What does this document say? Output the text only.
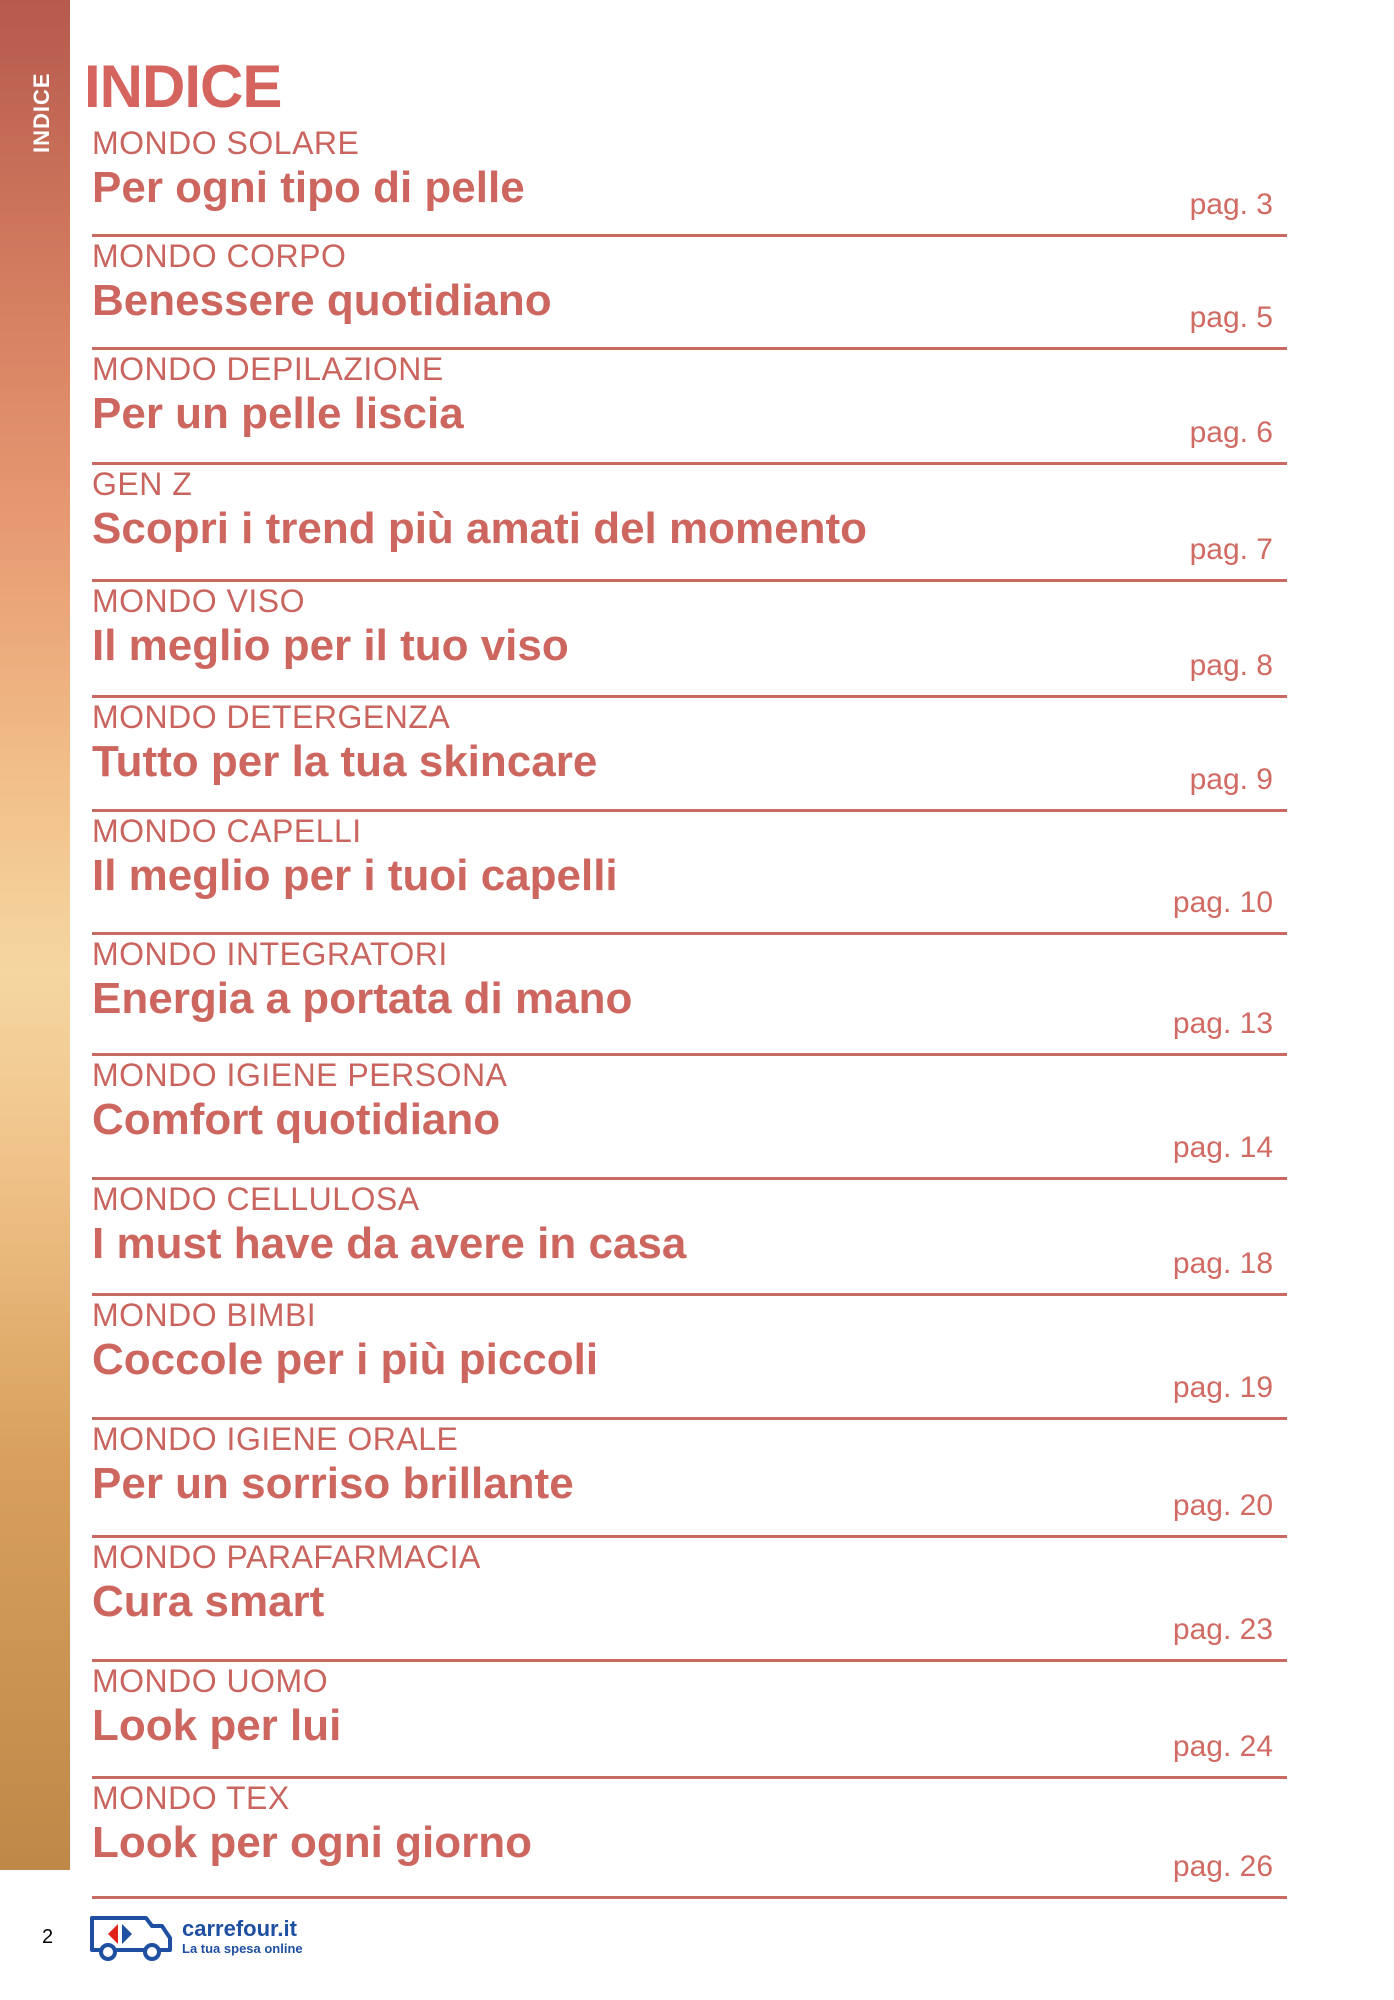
INDICE INDICE
MONDO SOLARE
Per ogni tipo di pelle	pag. 3
MONDO CORPO
Benessere quotidiano	pag. 5
MONDO DEPILAZIONE
Per un pelle liscia	pag. 6
GEN Z
Scopri i trend più amati del momento	pag. 7
MONDO VISO
Il meglio per il tuo viso	pag. 8
MONDO DETERGENZA
Tutto per la tua skincare	pag. 9
MONDO CAPELLI
Il meglio per i tuoi capelli
pag. 10
MONDO INTEGRATORI
Energia a portata di mano
pag. 13
MONDO IGIENE PERSONA
Comfort quotidiano
pag. 14
MONDO CELLULOSA
I must have da avere in casa	pag. 18
MONDO BIMBI
Coccole per i più piccoli
pag. 19
MONDO IGIENE ORALE
Per un sorriso brillante	pag. 20
MONDO PARAFARMACIA
Cura smart
pag. 23
MONDO UOMO
Look per lui	pag. 24
MONDO TEX
Look per ogni giorno	pag. 26
2	carrefour.it
La tua spesa online
